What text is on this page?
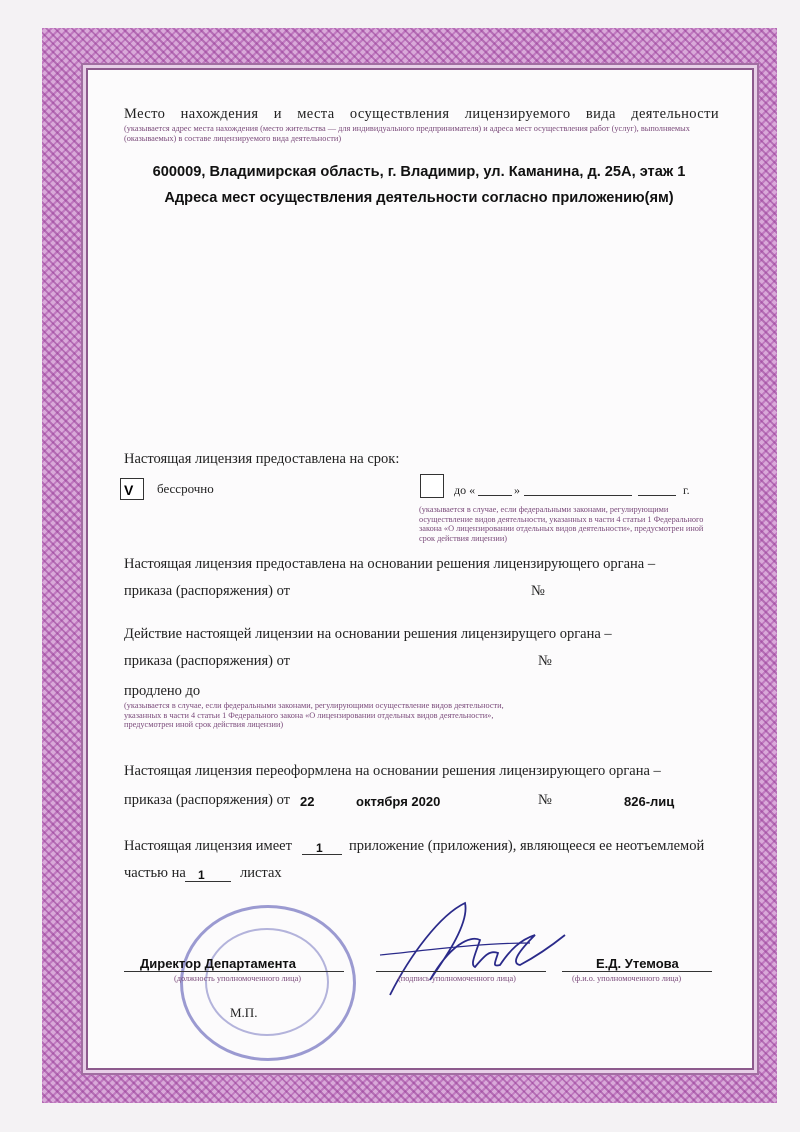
Место нахождения и места осуществления лицензируемого вида деятельности
(указывается адрес места нахождения (место жительства — для индивидуального предпринимателя) и адреса мест осуществления работ (услуг), выполняемых (оказываемых) в составе лицензируемого вида деятельности)
600009, Владимирская область, г. Владимир, ул. Каманина, д. 25А, этаж 1
Адреса мест осуществления деятельности согласно приложению(ям)
Настоящая лицензия предоставлена на срок:
V бессрочно	до «	»	г.
(указывается в случае, если федеральными законами, регулирующими осуществление видов деятельности, указанных в части 4 статьи 1 Федерального закона «О лицензировании отдельных видов деятельности», предусмотрен иной срок действия лицензии)
Настоящая лицензия предоставлена на основании решения лицензирующего органа –
приказа (распоряжения) от	№
Действие настоящей лицензии на основании решения лицензирущего органа –
приказа (распоряжения) от	№
продлено до
(указывается в случае, если федеральными законами, регулирующими осуществление видов деятельности, указанных в части 4 статьи 1 Федерального закона «О лицензировании отдельных видов деятельности», предусмотрен иной срок действия лицензии)
Настоящая лицензия переоформлена на основании решения лицензирующего органа –
приказа (распоряжения) от 22	октября 2020	№	826-лиц
Настоящая лицензия имеет 1 приложение (приложения), являющееся ее неотъемлемой
частью на 1 листах
Директор Департамента
(должность уполномоченного лица)	(подпись уполномоченного лица)
Е.Д. Утемова
(ф.и.о. уполномоченного лица)
М.П.
